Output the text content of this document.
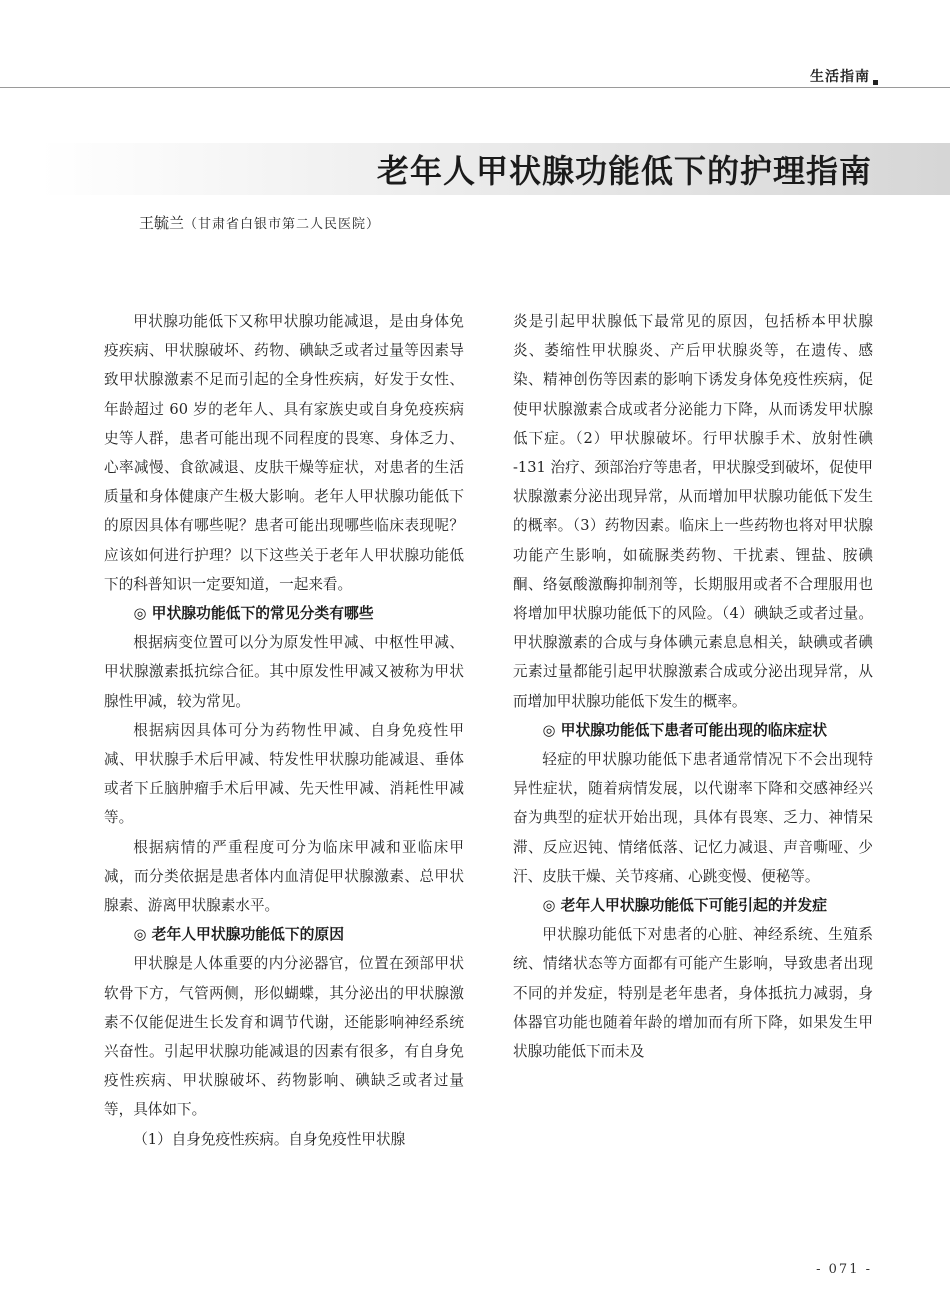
生活指南
老年人甲状腺功能低下的护理指南
王毓兰（甘肃省白银市第二人民医院）

甲状腺功能低下又称甲状腺功能减退，是由身体免疫疾病、甲状腺破坏、药物、碘缺乏或者过量等因素导致甲状腺激素不足而引起的全身性疾病，好发于女性、年龄超过 60 岁的老年人、具有家族史或自身免疫疾病史等人群，患者可能出现不同程度的畏寒、身体乏力、心率减慢、食欲减退、皮肤干燥等症状，对患者的生活质量和身体健康产生极大影响。老年人甲状腺功能低下的原因具体有哪些呢？患者可能出现哪些临床表现呢？应该如何进行护理？以下这些关于老年人甲状腺功能低下的科普知识一定要知道，一起来看。

◎ 甲状腺功能低下的常见分类有哪些

根据病变位置可以分为原发性甲减、中枢性甲减、甲状腺激素抵抗综合征。其中原发性甲减又被称为甲状腺性甲减，较为常见。

根据病因具体可分为药物性甲减、自身免疫性甲减、甲状腺手术后甲减、特发性甲状腺功能减退、垂体或者下丘脑肿瘤手术后甲减、先天性甲减、消耗性甲减等。

根据病情的严重程度可分为临床甲减和亚临床甲减，而分类依据是患者体内血清促甲状腺激素、总甲状腺素、游离甲状腺素水平。

◎ 老年人甲状腺功能低下的原因

甲状腺是人体重要的内分泌器官，位置在颈部甲状软骨下方，气管两侧，形似蝴蝶，其分泌出的甲状腺激素不仅能促进生长发育和调节代谢，还能影响神经系统兴奋性。引起甲状腺功能减退的因素有很多，有自身免疫性疾病、甲状腺破坏、药物影响、碘缺乏或者过量等，具体如下。

（1）自身免疫性疾病。自身免疫性甲状腺

炎是引起甲状腺低下最常见的原因，包括桥本甲状腺炎、萎缩性甲状腺炎、产后甲状腺炎等，在遗传、感染、精神创伤等因素的影响下诱发身体免疫性疾病，促使甲状腺激素合成或者分泌能力下降，从而诱发甲状腺低下症。（2）甲状腺破坏。行甲状腺手术、放射性碘 -131 治疗、颈部治疗等患者，甲状腺受到破坏，促使甲状腺激素分泌出现异常，从而增加甲状腺功能低下发生的概率。（3）药物因素。临床上一些药物也将对甲状腺功能产生影响，如硫脲类药物、干扰素、锂盐、胺碘酮、络氨酸激酶抑制剂等，长期服用或者不合理服用也将增加甲状腺功能低下的风险。（4）碘缺乏或者过量。甲状腺激素的合成与身体碘元素息息相关，缺碘或者碘元素过量都能引起甲状腺激素合成或分泌出现异常，从而增加甲状腺功能低下发生的概率。

◎ 甲状腺功能低下患者可能出现的临床症状

轻症的甲状腺功能低下患者通常情况下不会出现特异性症状，随着病情发展，以代谢率下降和交感神经兴奋为典型的症状开始出现，具体有畏寒、乏力、神情呆滞、反应迟钝、情绪低落、记忆力减退、声音嘶哑、少汗、皮肤干燥、关节疼痛、心跳变慢、便秘等。

◎ 老年人甲状腺功能低下可能引起的并发症

甲状腺功能低下对患者的心脏、神经系统、生殖系统、情绪状态等方面都有可能产生影响，导致患者出现不同的并发症，特别是老年患者，身体抵抗力减弱，身体器官功能也随着年龄的增加而有所下降，如果发生甲状腺功能低下而未及

- 071 -
